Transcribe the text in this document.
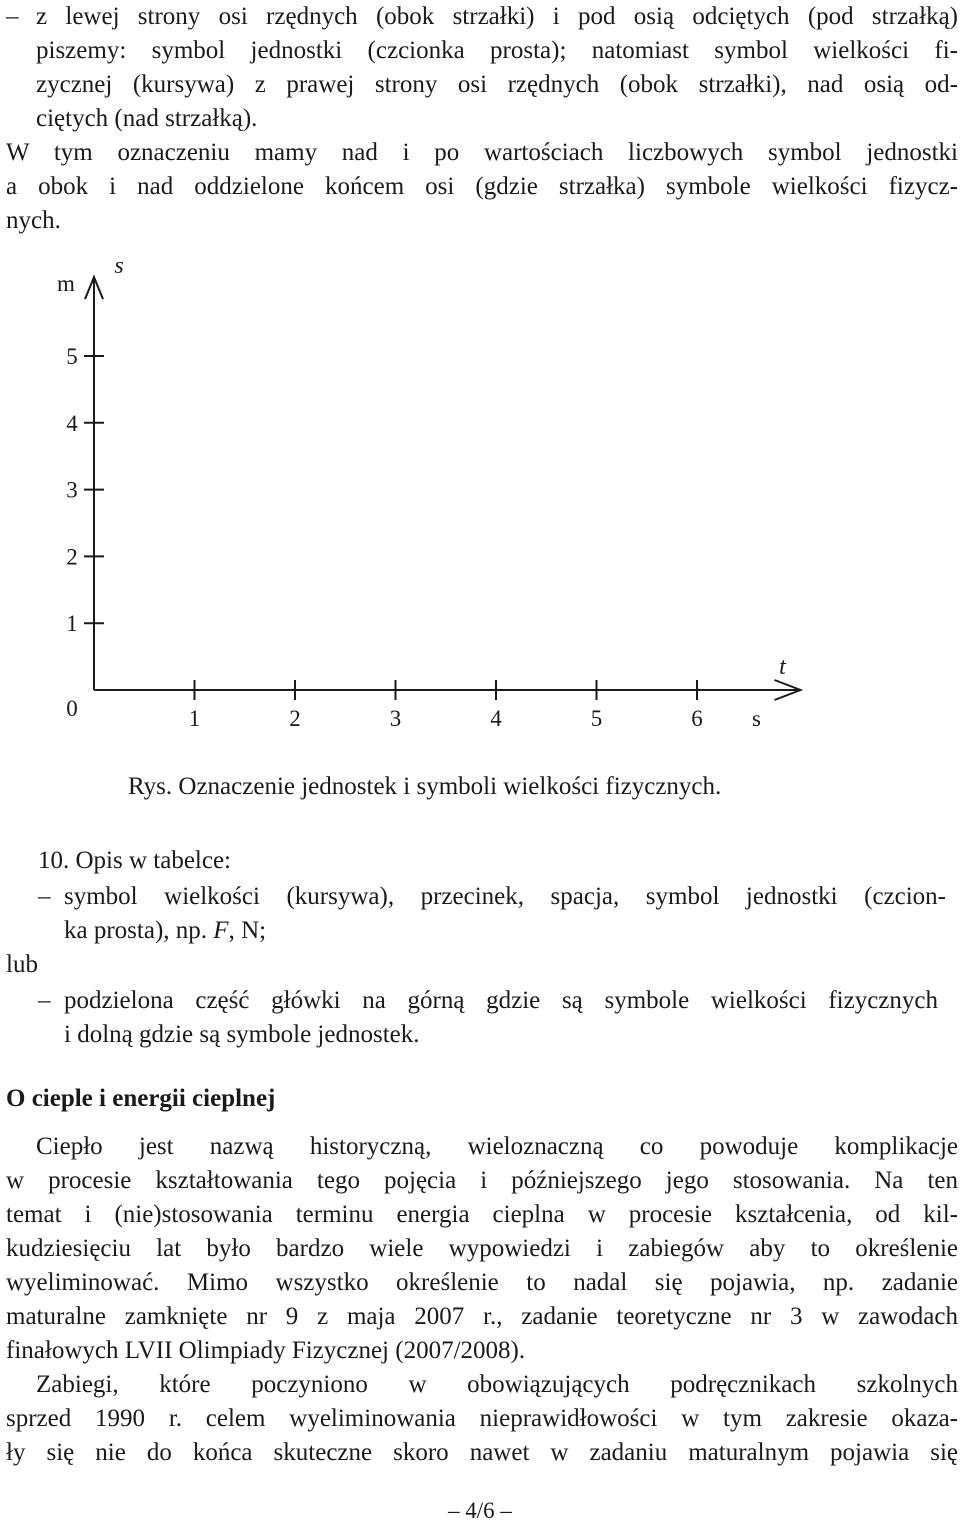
– z lewej strony osi rzędnych (obok strzałki) i pod osią odciętych (pod strzałką)
piszemy: symbol jednostki (czcionka prosta); natomiast symbol wielkości fi-
zycznej (kursywa) z prawej strony osi rzędnych (obok strzałki), nad osią od-
ciętych (nad strzałką).
W tym oznaczeniu mamy nad i po wartościach liczbowych symbol jednostki
a obok i nad oddzielone końcem osi (gdzie strzałka) symbole wielkości fizycz-
nych.
1	2	3	4	5	6
1
2
3
4
5
0
m
s
s
t
Rys. Oznaczenie jednostek i symboli wielkości fizycznych.
10. Opis w tabelce:
– symbol wielkości (kursywa), przecinek, spacja, symbol jednostki (czcion-
ka prosta), np. F, N;
lub
– podzielona część główki na górną gdzie są symbole wielkości fizycznych
i dolną gdzie są symbole jednostek.
O cieple i energii cieplnej
Ciepło jest nazwą historyczną, wieloznaczną co powoduje komplikacje
w procesie kształtowania tego pojęcia i późniejszego jego stosowania. Na ten
temat i (nie)stosowania terminu energia cieplna w procesie kształcenia, od kil-
kudziesięciu lat było bardzo wiele wypowiedzi i zabiegów aby to określenie
wyeliminować. Mimo wszystko określenie to nadal się pojawia, np. zadanie
maturalne zamknięte nr 9 z maja 2007 r., zadanie teoretyczne nr 3 w zawodach
finałowych LVII Olimpiady Fizycznej (2007/2008).
Zabiegi, które poczyniono w obowiązujących podręcznikach szkolnych
sprzed 1990 r. celem wyeliminowania nieprawidłowości w tym zakresie okaza-
ły się nie do końca skuteczne skoro nawet w zadaniu maturalnym pojawia się
– 4/6 –
